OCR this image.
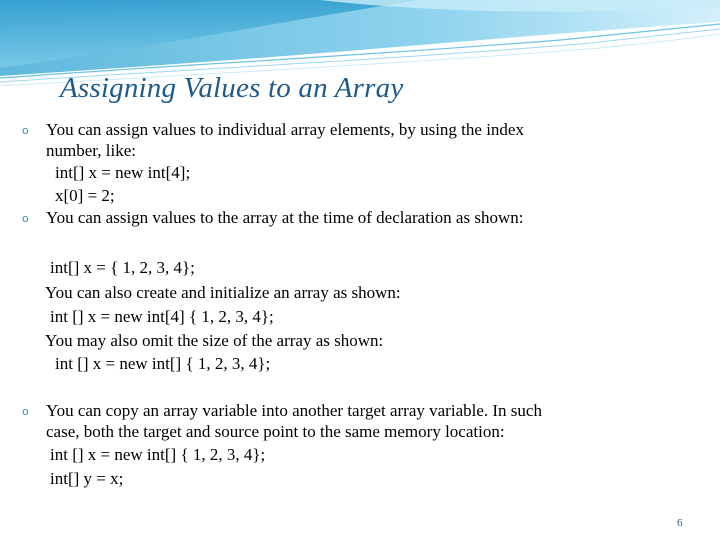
Assigning Values to an Array
o You can assign values to individual array elements, by using the index
number, like:
int[] x = new int[4];
x[0] = 2;
o You can assign values to the array at the time of declaration as shown:
int[] x = { 1, 2, 3, 4};
You can also create and initialize an array as shown:
int [] x = new int[4] { 1, 2, 3, 4};
You may also omit the size of the array as shown:
int [] x = new int[] { 1, 2, 3, 4};
o You can copy an array variable into another target array variable. In such
case, both the target and source point to the same memory location:
int [] x = new int[] { 1, 2, 3, 4};
int[] y = x;
6
